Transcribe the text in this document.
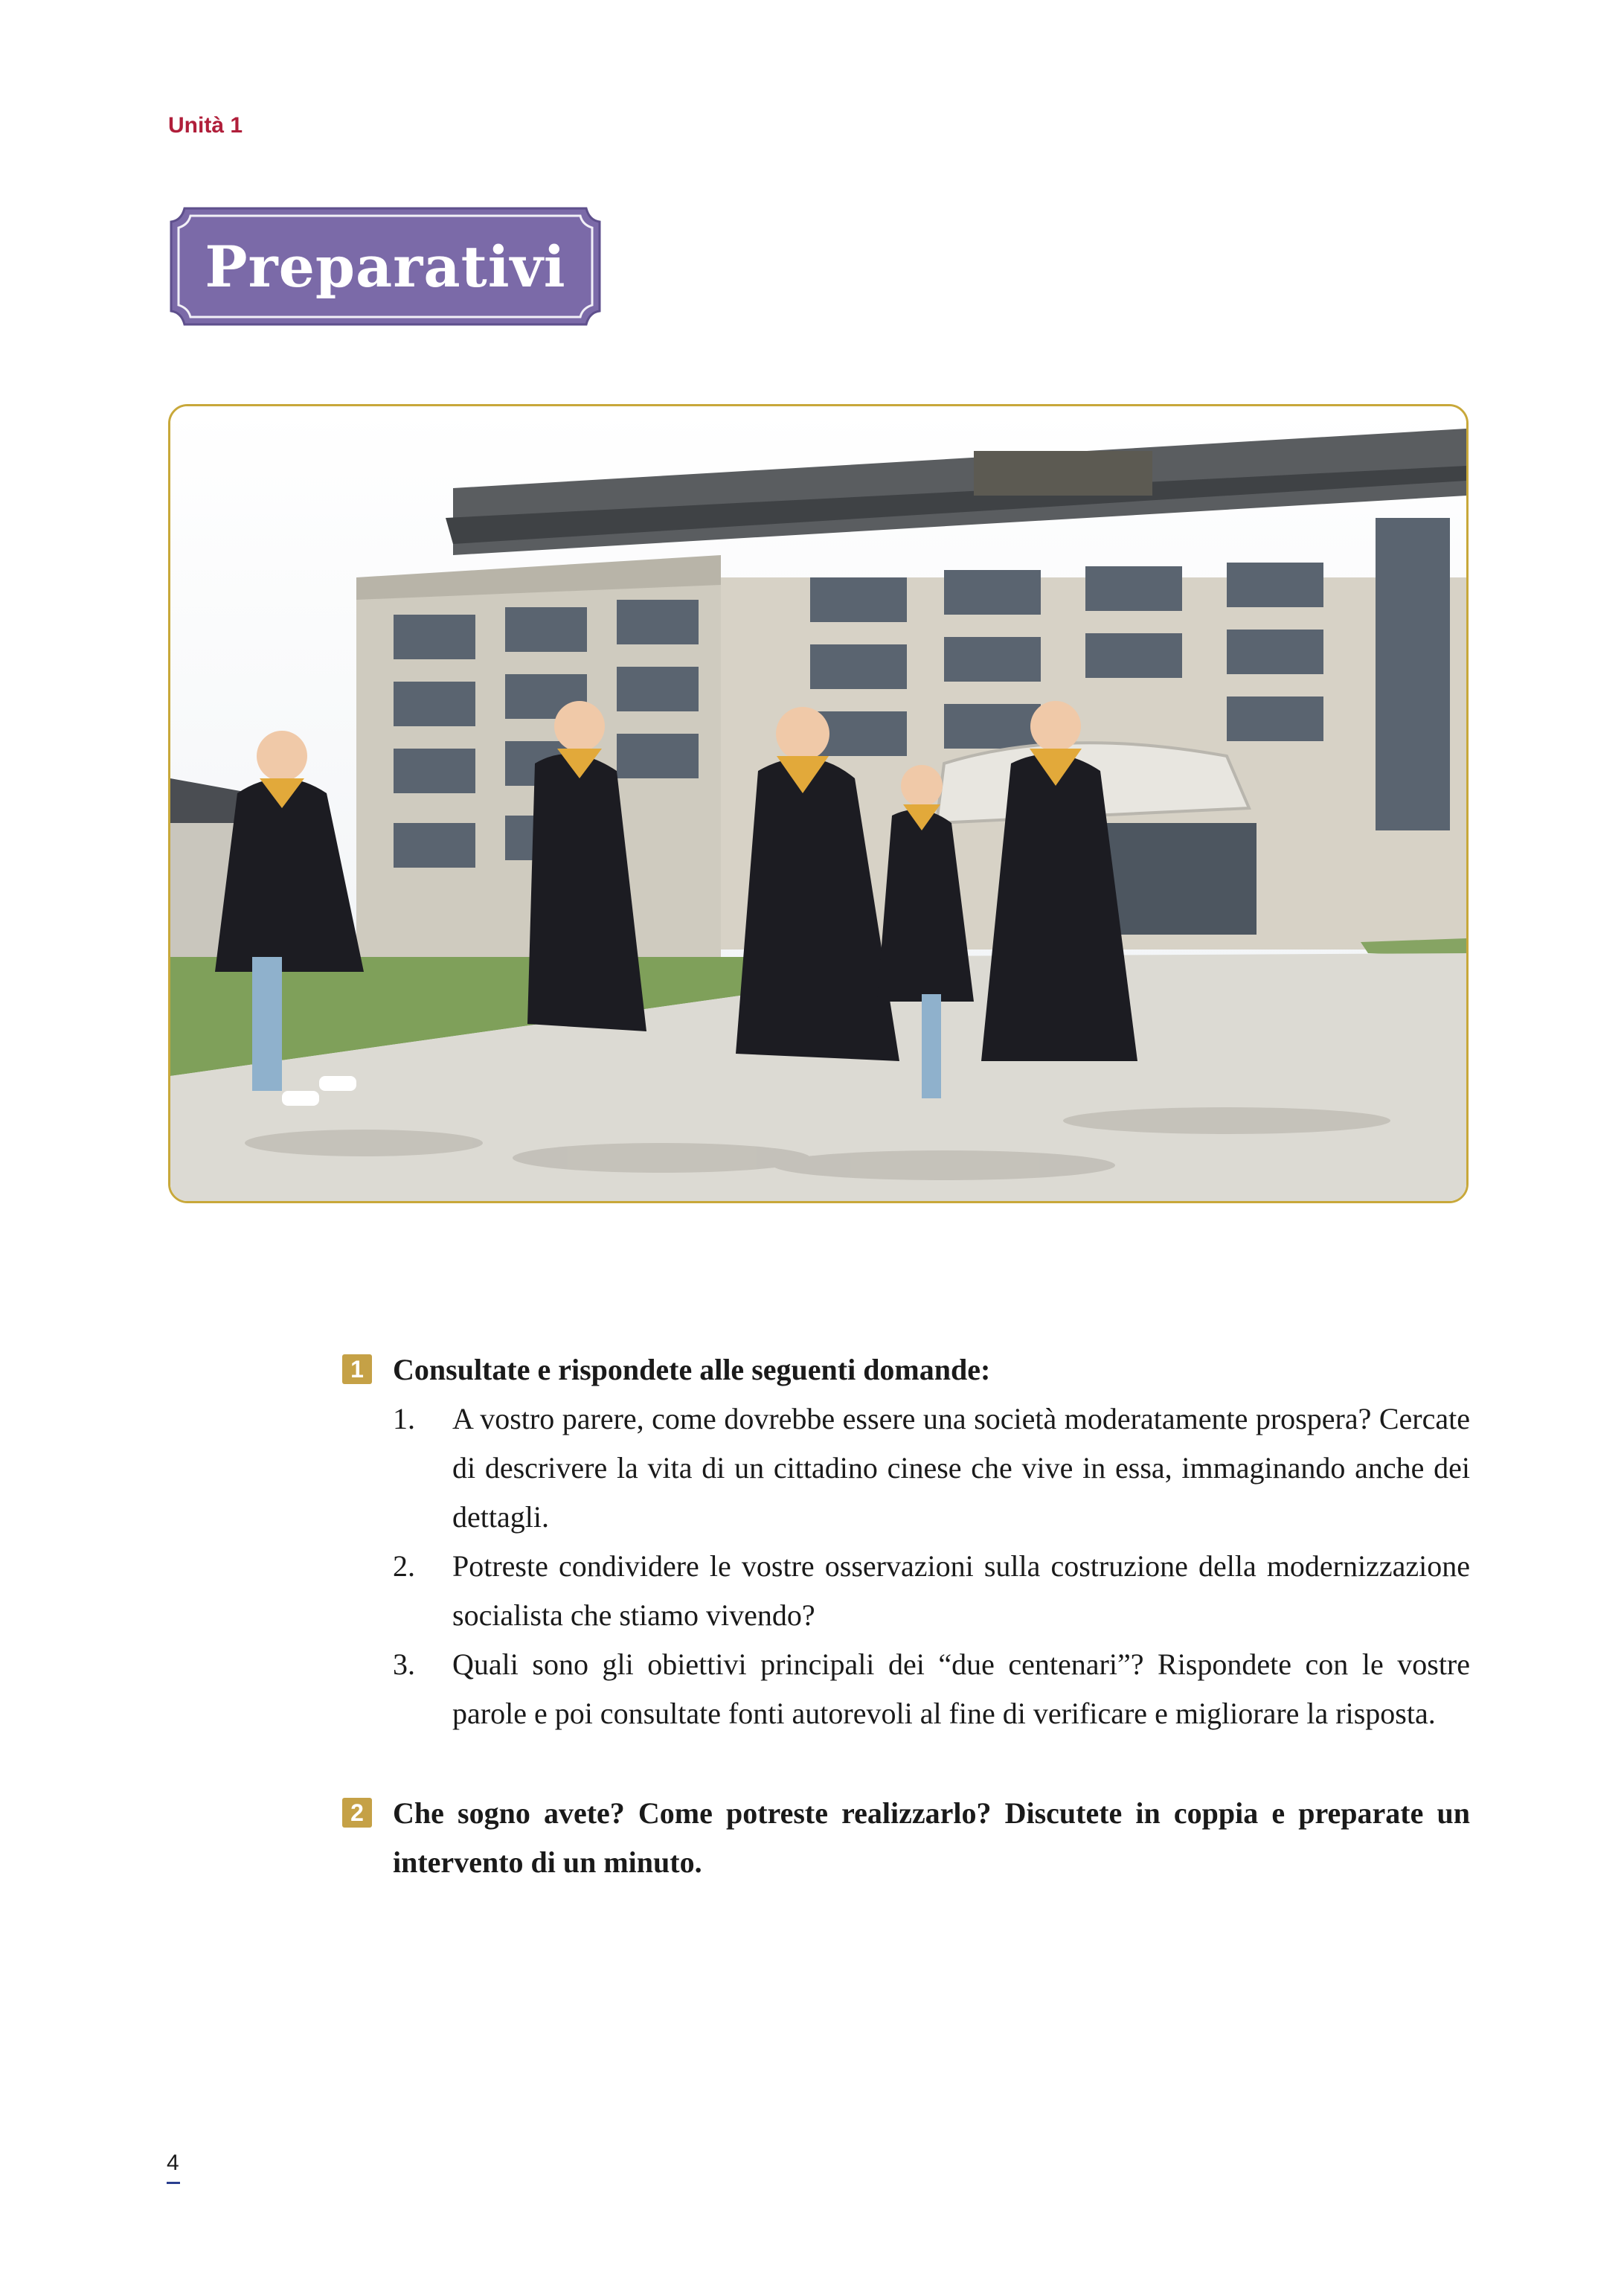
Unità 1
Preparativi
1 Consultate e rispondete alle seguenti domande:

1. A vostro parere, come dovrebbe essere una società moderatamente prospera? Cercate di descrivere la vita di un cittadino cinese che vive in essa, immaginando anche dei dettagli.
2. Potreste condividere le vostre osservazioni sulla costruzione della modernizzazione socialista che stiamo vivendo?
3. Quali sono gli obiettivi principali dei “due centenari”? Rispondete con le vostre parole e poi consultate fonti autorevoli al fine di verificare e migliorare la risposta.
2 Che sogno avete? Come potreste realizzarlo? Discutete in coppia e preparate un intervento di un minuto.

4
